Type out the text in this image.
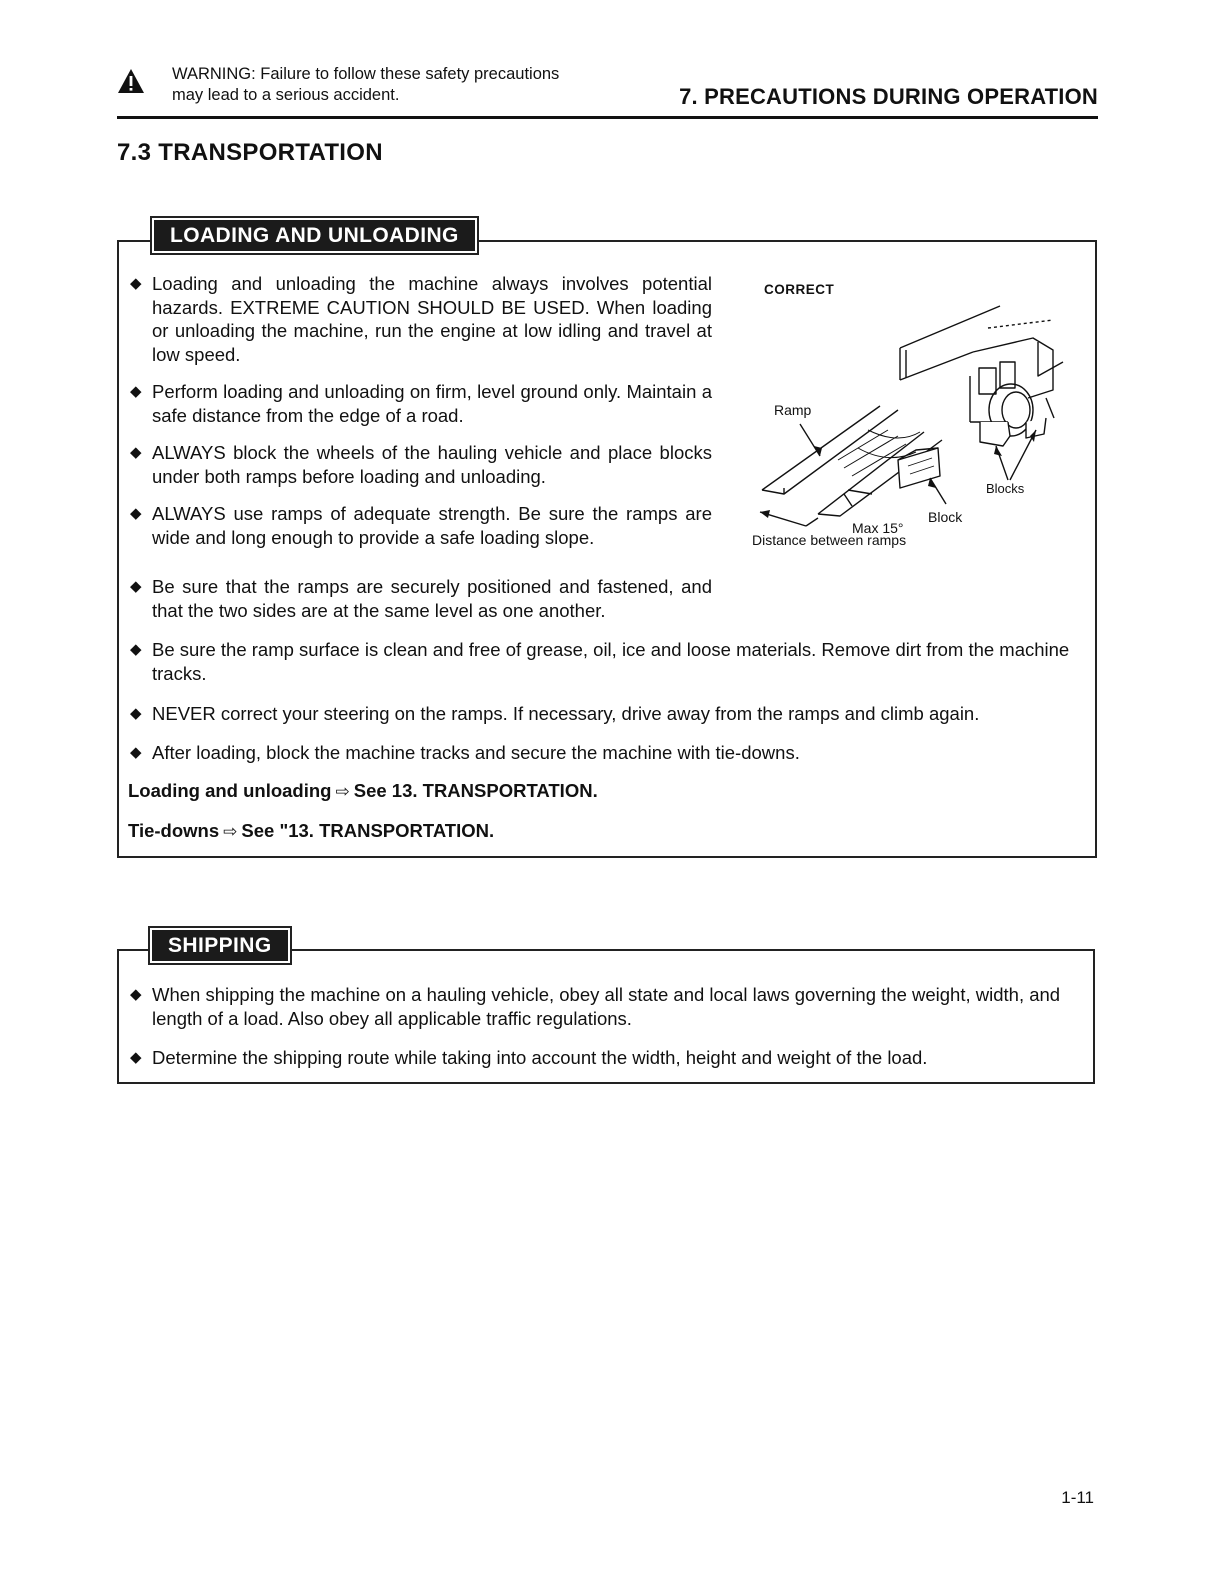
WARNING: Failure to follow these safety precautions
may lead to a serious accident.	7. PRECAUTIONS DURING OPERATION
7.3 TRANSPORTATION
LOADING AND UNLOADING
◆ Loading and unloading the machine always involves potential hazards. EXTREME CAUTION SHOULD BE USED. When loading or unloading the machine, run the engine at low idling and travel at low speed.
◆ Perform loading and unloading on firm, level ground only. Maintain a safe distance from the edge of a road.
◆ ALWAYS block the wheels of the hauling vehicle and place blocks under both ramps before loading and unloading.
◆ ALWAYS use ramps of adequate strength. Be sure the ramps are wide and long enough to provide a safe loading slope.
◆ Be sure that the ramps are securely positioned and fastened, and that the two sides are at the same level as one another.
◆ Be sure the ramp surface is clean and free of grease, oil, ice and loose materials. Remove dirt from the machine tracks.
◆ NEVER correct your steering on the ramps. If necessary, drive away from the ramps and climb again.
◆ After loading, block the machine tracks and secure the machine with tie-downs.
Loading and unloading ⇨ See 13. TRANSPORTATION.
Tie-downs ⇨ See "13. TRANSPORTATION.
CORRECT
Ramp
Blocks
Block
Max 15°
Distance between ramps
SHIPPING
◆ When shipping the machine on a hauling vehicle, obey all state and local laws governing the weight, width, and length of a load. Also obey all applicable traffic regulations.
◆ Determine the shipping route while taking into account the width, height and weight of the load.
1-11
